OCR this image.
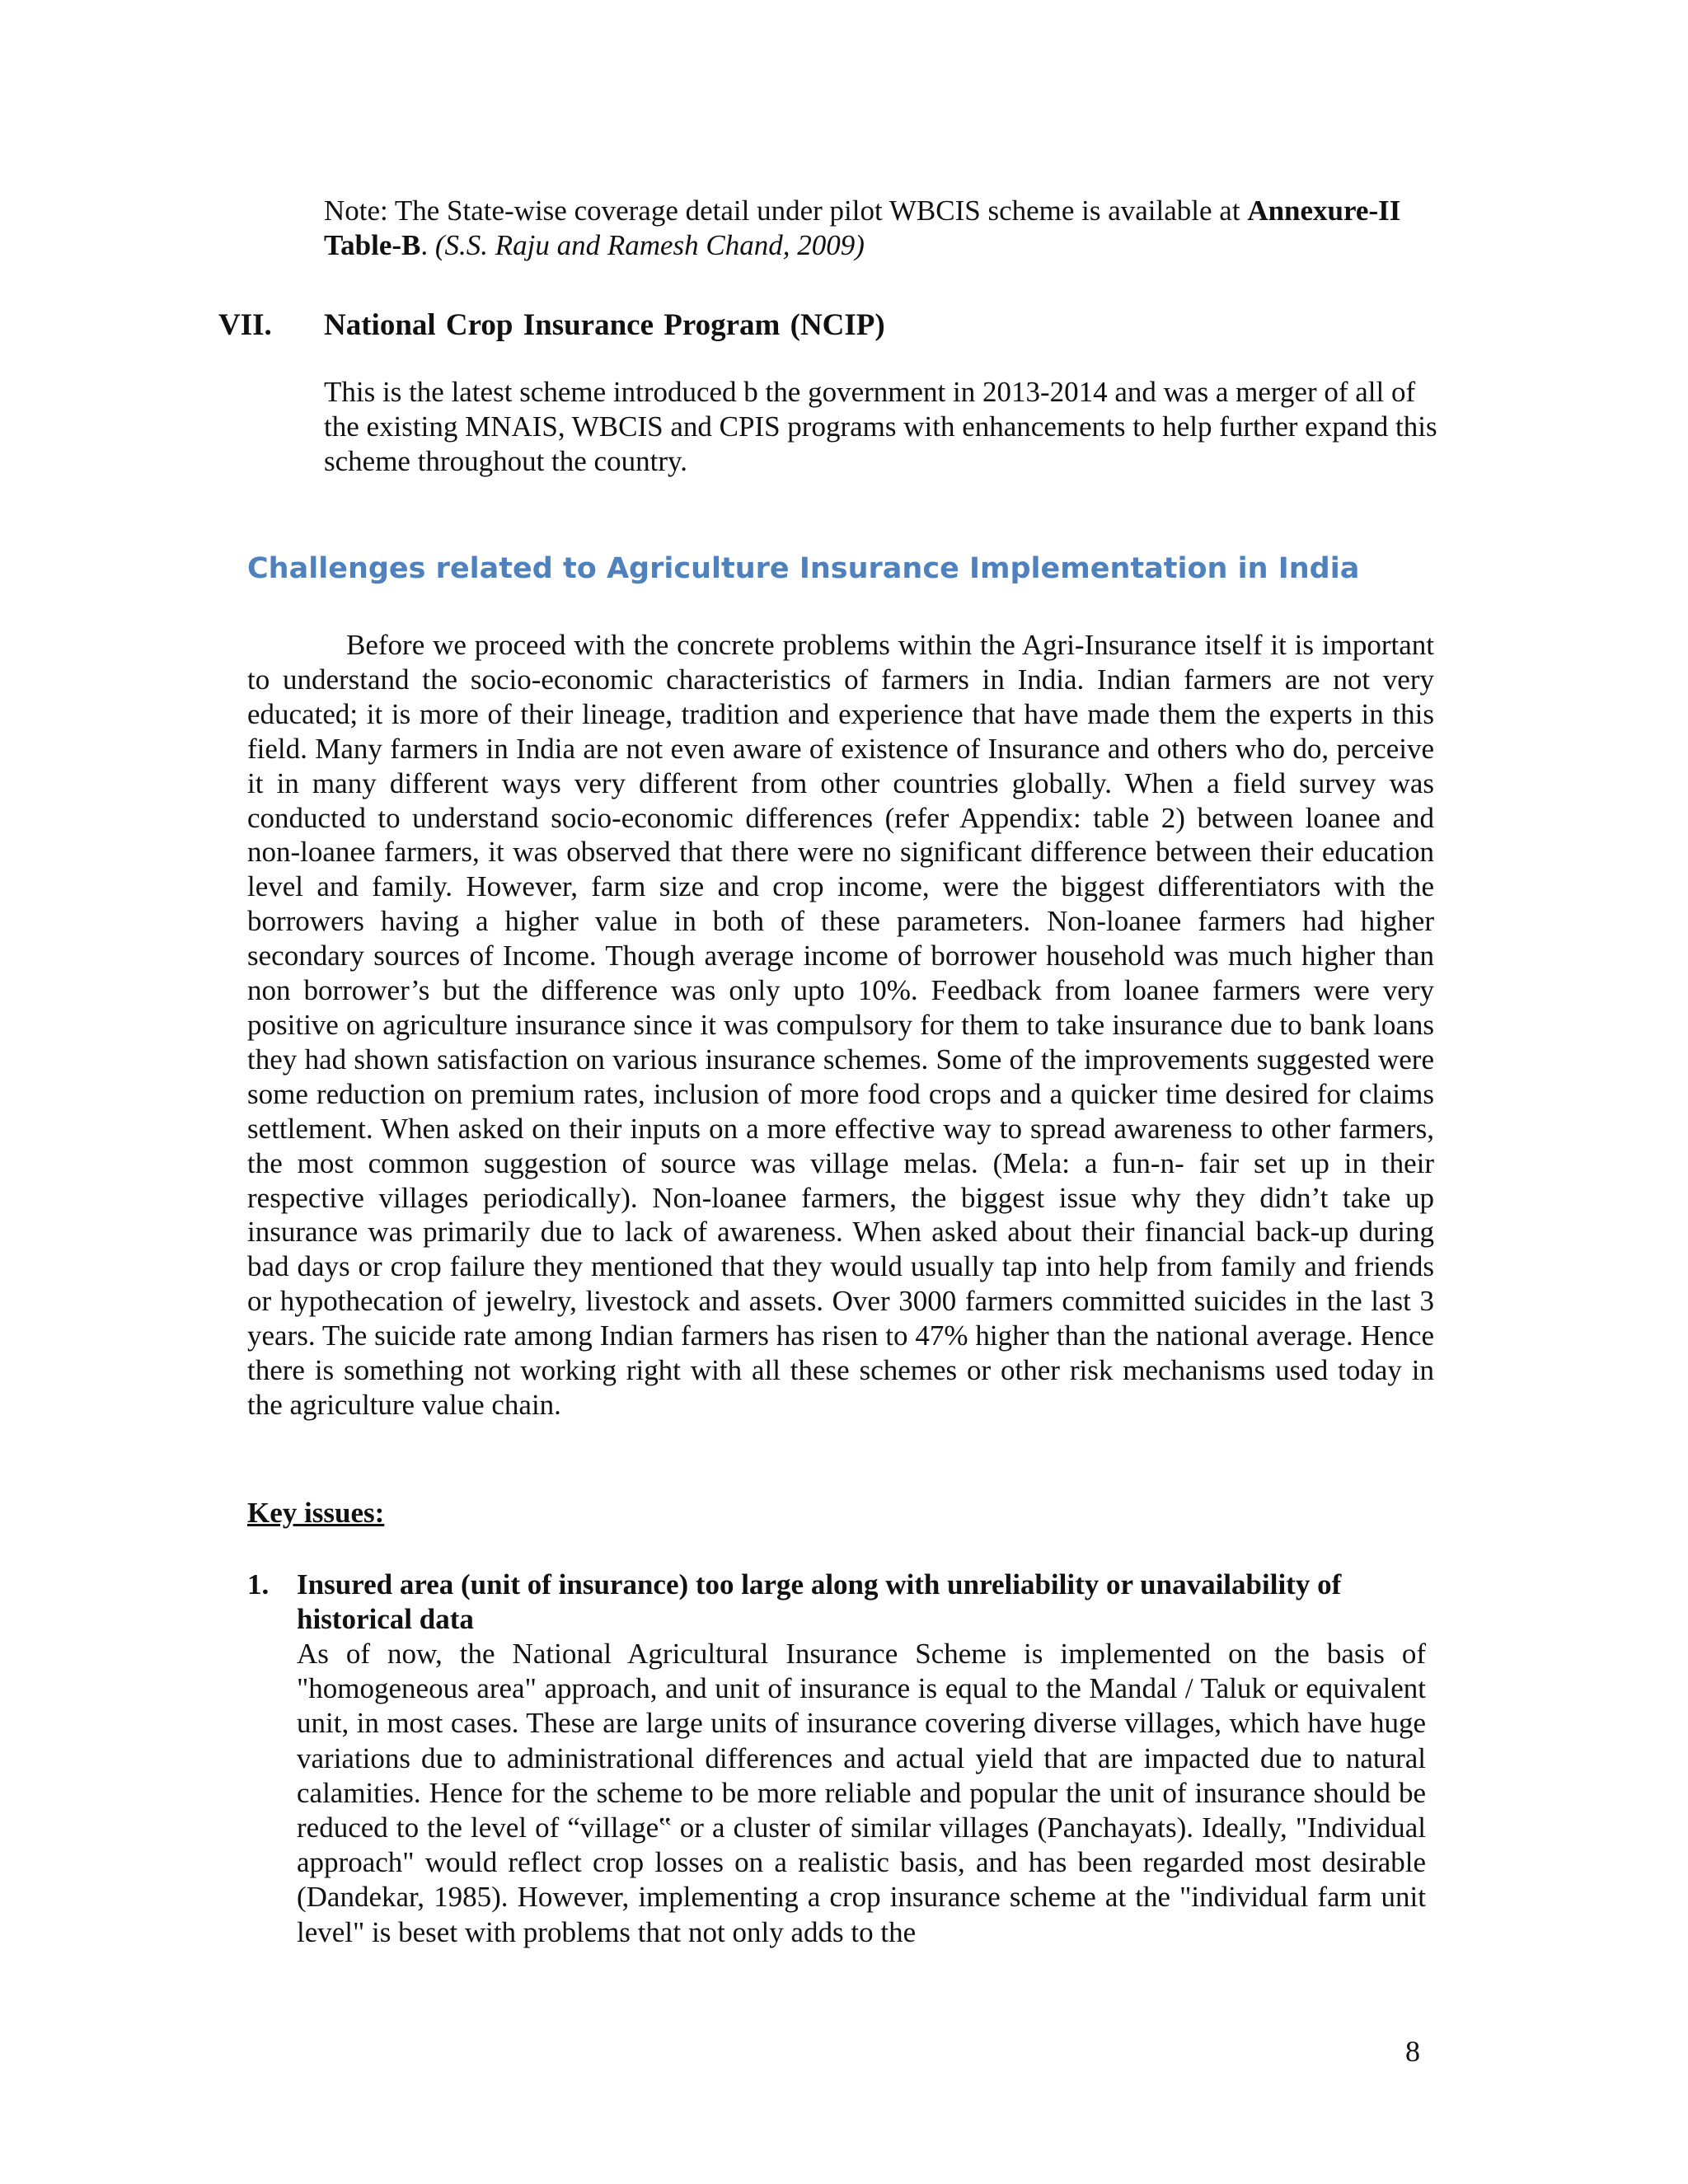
Note: The State-wise coverage detail under pilot WBCIS scheme is available at Annexure-II Table-B. (S.S. Raju and Ramesh Chand, 2009)
VII. National Crop Insurance Program (NCIP)
This is the latest scheme introduced b the government in 2013-2014 and was a merger of all of the existing MNAIS, WBCIS and CPIS programs with enhancements to help further expand this scheme throughout the country.
Challenges related to Agriculture Insurance Implementation in India
Before we proceed with the concrete problems within the Agri-Insurance itself it is important to understand the socio-economic characteristics of farmers in India. Indian farmers are not very educated; it is more of their lineage, tradition and experience that have made them the experts in this field. Many farmers in India are not even aware of existence of Insurance and others who do, perceive it in many different ways very different from other countries globally. When a field survey was conducted to understand socio-economic differences (refer Appendix: table 2) between loanee and non-loanee farmers, it was observed that there were no significant difference between their education level and family. However, farm size and crop income, were the biggest differentiators with the borrowers having a higher value in both of these parameters. Non-loanee farmers had higher secondary sources of Income. Though average income of borrower household was much higher than non borrower’s but the difference was only upto 10%. Feedback from loanee farmers were very positive on agriculture insurance since it was compulsory for them to take insurance due to bank loans they had shown satisfaction on various insurance schemes. Some of the improvements suggested were some reduction on premium rates, inclusion of more food crops and a quicker time desired for claims settlement. When asked on their inputs on a more effective way to spread awareness to other farmers, the most common suggestion of source was village melas. (Mela: a fun-n- fair set up in their respective villages periodically). Non-loanee farmers, the biggest issue why they didn’t take up insurance was primarily due to lack of awareness. When asked about their financial back-up during bad days or crop failure they mentioned that they would usually tap into help from family and friends or hypothecation of jewelry, livestock and assets. Over 3000 farmers committed suicides in the last 3 years. The suicide rate among Indian farmers has risen to 47% higher than the national average. Hence there is something not working right with all these schemes or other risk mechanisms used today in the agriculture value chain.
Key issues:
1. Insured area (unit of insurance) too large along with unreliability or unavailability of historical data
As of now, the National Agricultural Insurance Scheme is implemented on the basis of "homogeneous area" approach, and unit of insurance is equal to the Mandal / Taluk or equivalent unit, in most cases. These are large units of insurance covering diverse villages, which have huge variations due to administrational differences and actual yield that are impacted due to natural calamities. Hence for the scheme to be more reliable and popular the unit of insurance should be reduced to the level of “village‟ or a cluster of similar villages (Panchayats). Ideally, "Individual approach" would reflect crop losses on a realistic basis, and has been regarded most desirable (Dandekar, 1985). However, implementing a crop insurance scheme at the "individual farm unit level" is beset with problems that not only adds to the
8
